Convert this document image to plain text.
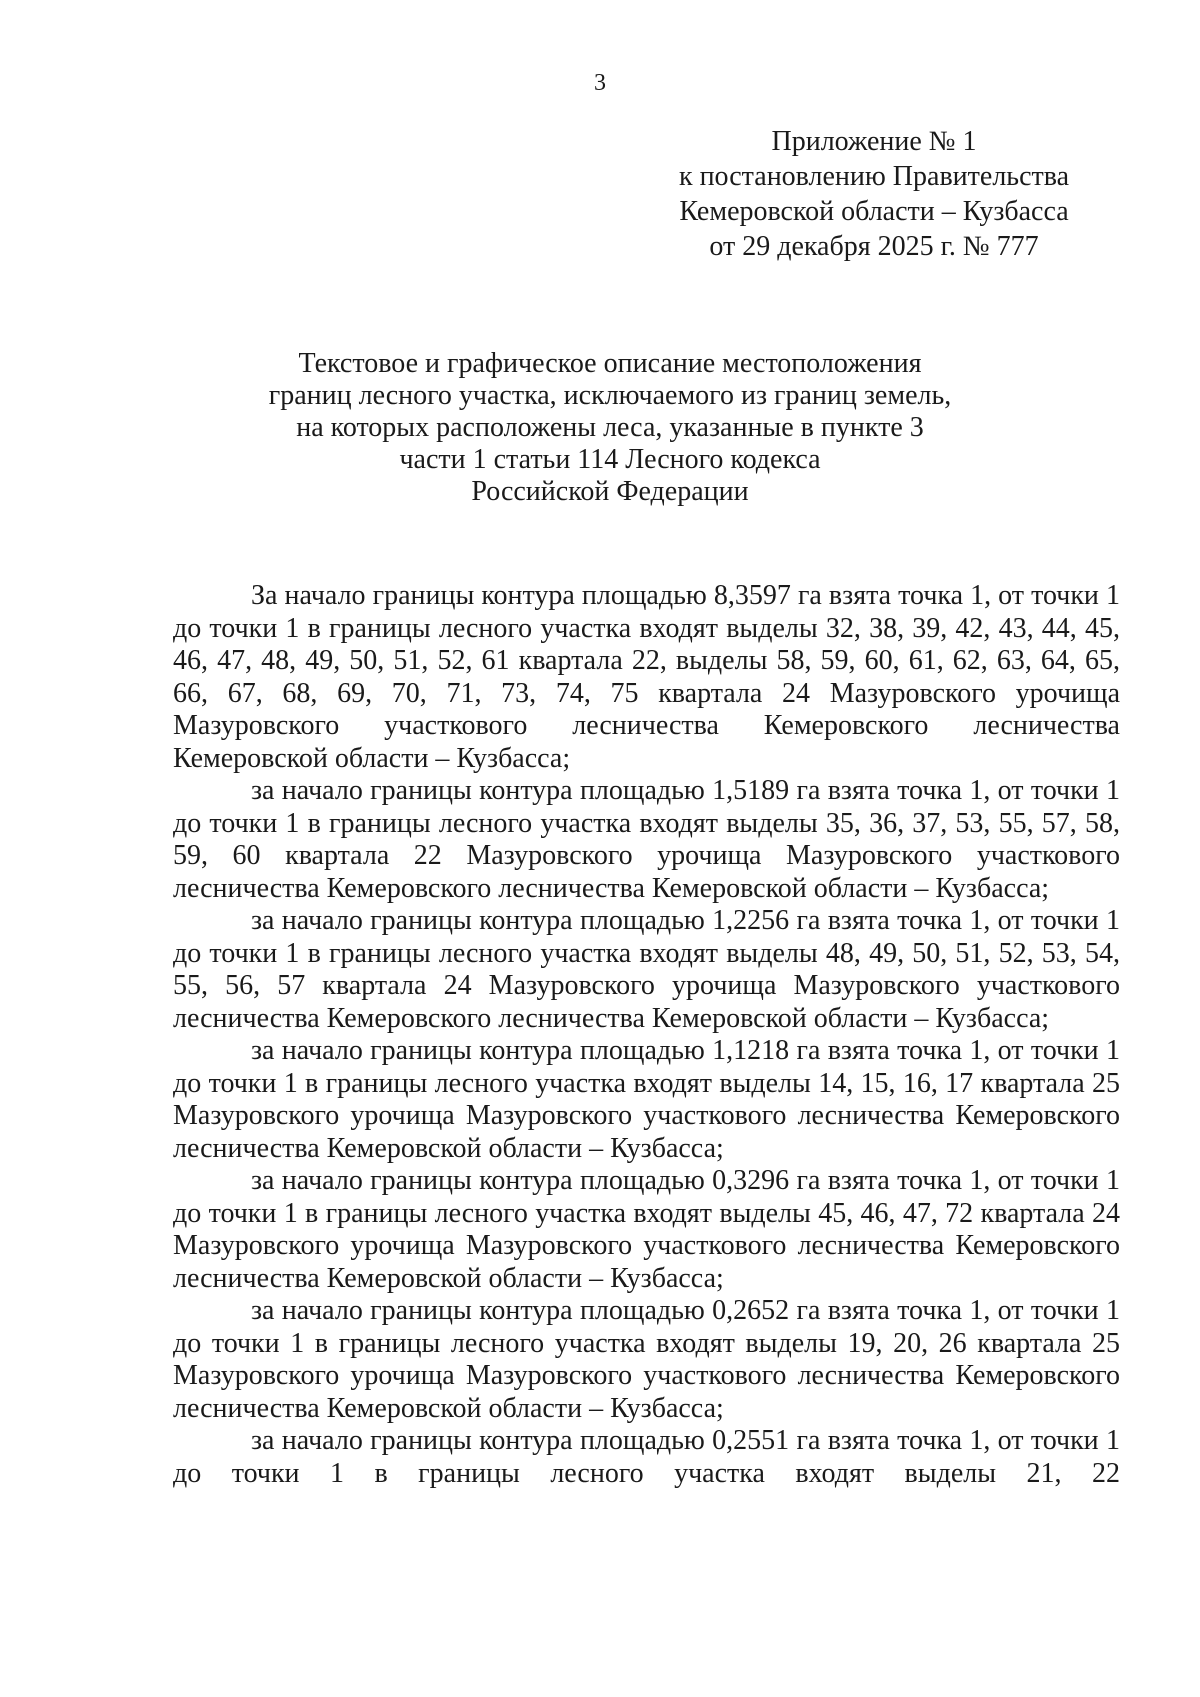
3
Приложение № 1
к постановлению Правительства
Кемеровской области – Кузбасса
от 29 декабря 2025 г. № 777
Текстовое и графическое описание местоположения
границ лесного участка, исключаемого из границ земель,
на которых расположены леса, указанные в пункте 3
части 1 статьи 114 Лесного кодекса
Российской Федерации

За начало границы контура площадью 8,3597 га взята точка 1, от точки 1 до точки 1 в границы лесного участка входят выделы 32, 38, 39, 42, 43, 44, 45, 46, 47, 48, 49, 50, 51, 52, 61 квартала 22, выделы 58, 59, 60, 61, 62, 63, 64, 65, 66, 67, 68, 69, 70, 71, 73, 74, 75 квартала 24 Мазуровского урочища Мазуровского участкового лесничества Кемеровского лесничества Кемеровской области – Кузбасса;

за начало границы контура площадью 1,5189 га взята точка 1, от точки 1 до точки 1 в границы лесного участка входят выделы 35, 36, 37, 53, 55, 57, 58, 59, 60 квартала 22 Мазуровского урочища Мазуровского участкового лесничества Кемеровского лесничества Кемеровской области – Кузбасса;

за начало границы контура площадью 1,2256 га взята точка 1, от точки 1 до точки 1 в границы лесного участка входят выделы 48, 49, 50, 51, 52, 53, 54, 55, 56, 57 квартала 24 Мазуровского урочища Мазуровского участкового лесничества Кемеровского лесничества Кемеровской области – Кузбасса;

за начало границы контура площадью 1,1218 га взята точка 1, от точки 1 до точки 1 в границы лесного участка входят выделы 14, 15, 16, 17 квартала 25 Мазуровского урочища Мазуровского участкового лесничества Кемеровского лесничества Кемеровской области – Кузбасса;

за начало границы контура площадью 0,3296 га взята точка 1, от точки 1 до точки 1 в границы лесного участка входят выделы 45, 46, 47, 72 квартала 24 Мазуровского урочища Мазуровского участкового лесничества Кемеровского лесничества Кемеровской области – Кузбасса;

за начало границы контура площадью 0,2652 га взята точка 1, от точки 1 до точки 1 в границы лесного участка входят выделы 19, 20, 26 квартала 25 Мазуровского урочища Мазуровского участкового лесничества Кемеровского лесничества Кемеровской области – Кузбасса;

за начало границы контура площадью 0,2551 га взята точка 1, от точки 1 до точки 1 в границы лесного участка входят выделы 21, 22
